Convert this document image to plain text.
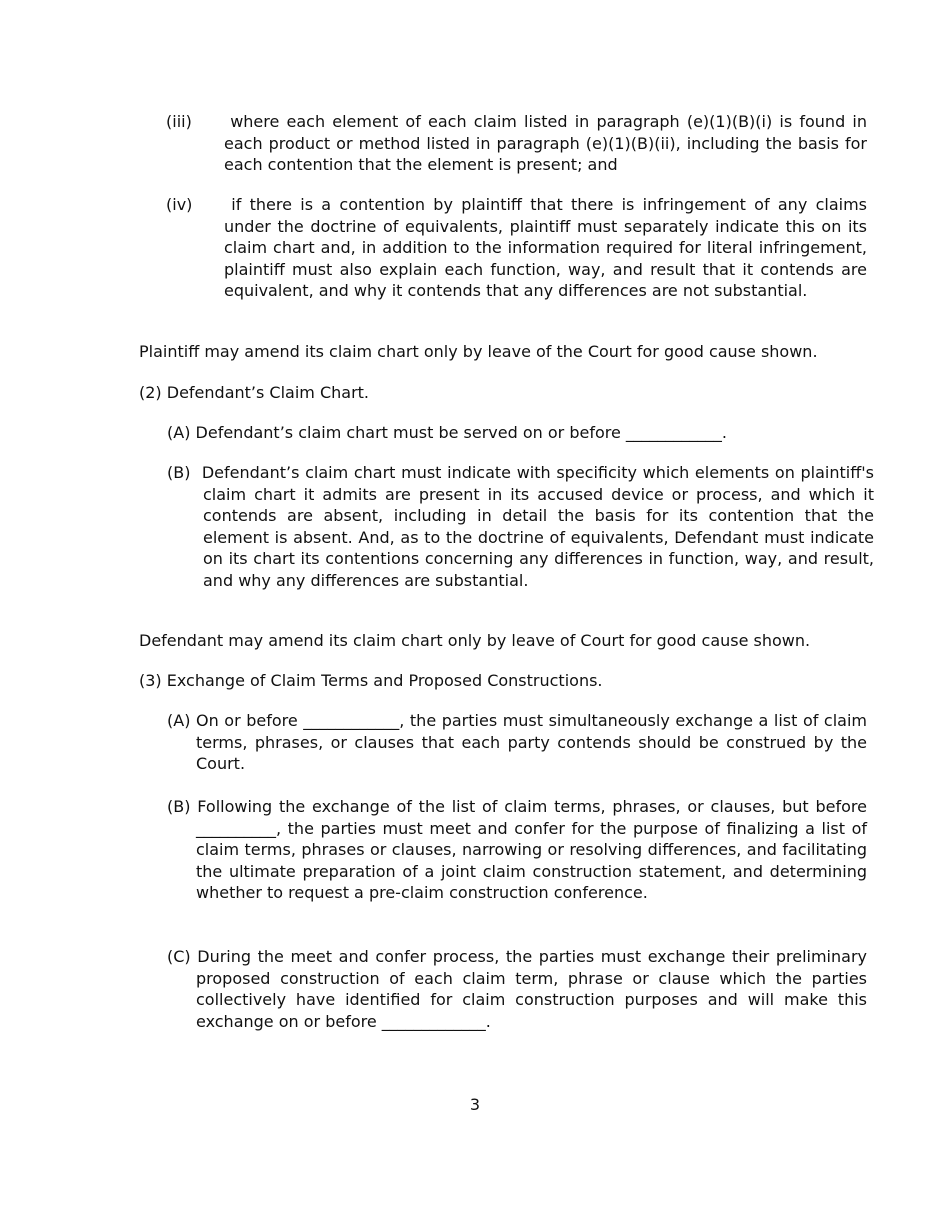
(iii) where each element of each claim listed in paragraph (e)(1)(B)(i) is found in each product or method listed in paragraph (e)(1)(B)(ii), including the basis for each contention that the element is present; and

(iv) if there is a contention by plaintiff that there is infringement of any claims under the doctrine of equivalents, plaintiff must separately indicate this on its claim chart and, in addition to the information required for literal infringement, plaintiff must also explain each function, way, and result that it contends are equivalent, and why it contends that any differences are not substantial.

Plaintiff may amend its claim chart only by leave of the Court for good cause shown.

(2) Defendant’s Claim Chart.

(A) Defendant’s claim chart must be served on or before ____________.

(B) Defendant’s claim chart must indicate with specificity which elements on plaintiff's claim chart it admits are present in its accused device or process, and which it contends are absent, including in detail the basis for its contention that the element is absent. And, as to the doctrine of equivalents, Defendant must indicate on its chart its contentions concerning any differences in function, way, and result, and why any differences are substantial.

Defendant may amend its claim chart only by leave of Court for good cause shown.

(3) Exchange of Claim Terms and Proposed Constructions.

(A) On or before ____________, the parties must simultaneously exchange a list of claim terms, phrases, or clauses that each party contends should be construed by the Court.

(B) Following the exchange of the list of claim terms, phrases, or clauses, but before __________, the parties must meet and confer for the purpose of finalizing a list of claim terms, phrases or clauses, narrowing or resolving differences, and facilitating the ultimate preparation of a joint claim construction statement, and determining whether to request a pre-claim construction conference.

(C) During the meet and confer process, the parties must exchange their preliminary proposed construction of each claim term, phrase or clause which the parties collectively have identified for claim construction purposes and will make this exchange on or before _____________.

3
